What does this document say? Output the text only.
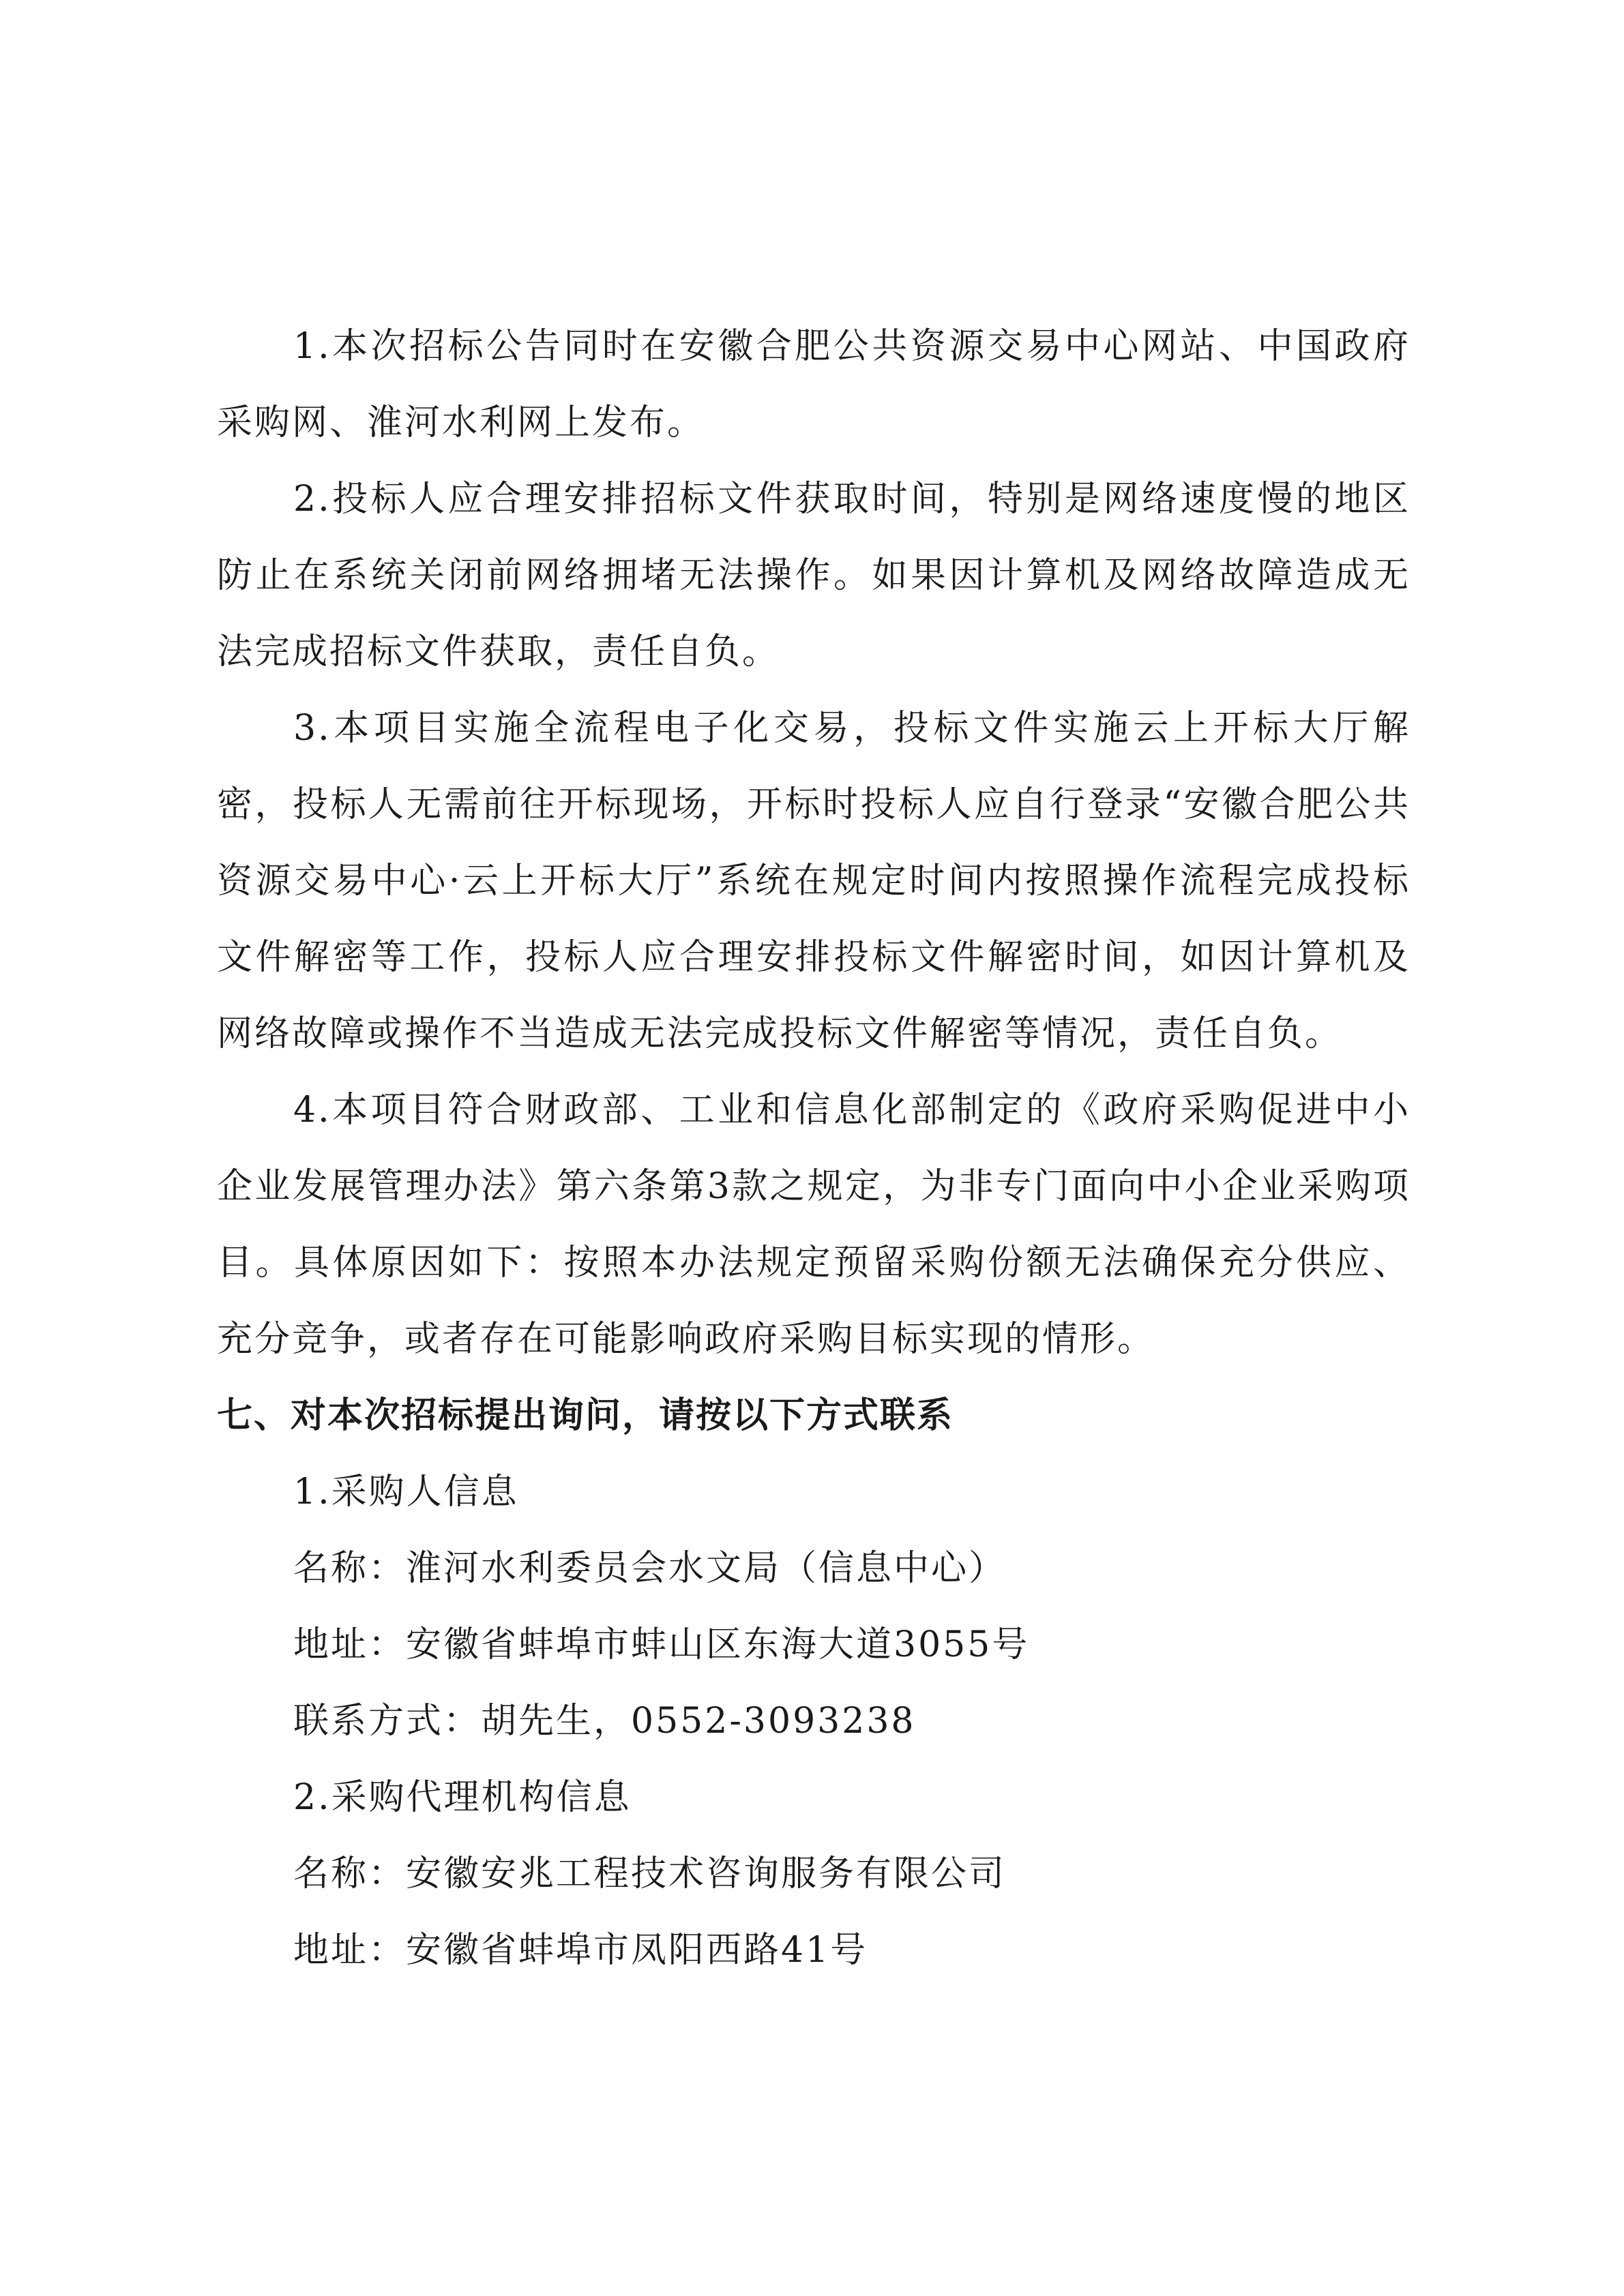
1.本次招标公告同时在安徽合肥公共资源交易中心网站、中国政府采购网、淮河水利网上发布。

2.投标人应合理安排招标文件获取时间，特别是网络速度慢的地区防止在系统关闭前网络拥堵无法操作。如果因计算机及网络故障造成无法完成招标文件获取，责任自负。

3.本项目实施全流程电子化交易，投标文件实施云上开标大厅解密，投标人无需前往开标现场，开标时投标人应自行登录“安徽合肥公共资源交易中心·云上开标大厅”系统在规定时间内按照操作流程完成投标文件解密等工作，投标人应合理安排投标文件解密时间，如因计算机及网络故障或操作不当造成无法完成投标文件解密等情况，责任自负。

4.本项目符合财政部、工业和信息化部制定的《政府采购促进中小企业发展管理办法》第六条第3款之规定，为非专门面向中小企业采购项目。具体原因如下：按照本办法规定预留采购份额无法确保充分供应、充分竞争，或者存在可能影响政府采购目标实现的情形。

七、对本次招标提出询问，请按以下方式联系

1.采购人信息

名称：淮河水利委员会水文局（信息中心）

地址：安徽省蚌埠市蚌山区东海大道3055号

联系方式：胡先生，0552-3093238

2.采购代理机构信息

名称：安徽安兆工程技术咨询服务有限公司

地址：安徽省蚌埠市凤阳西路41号
